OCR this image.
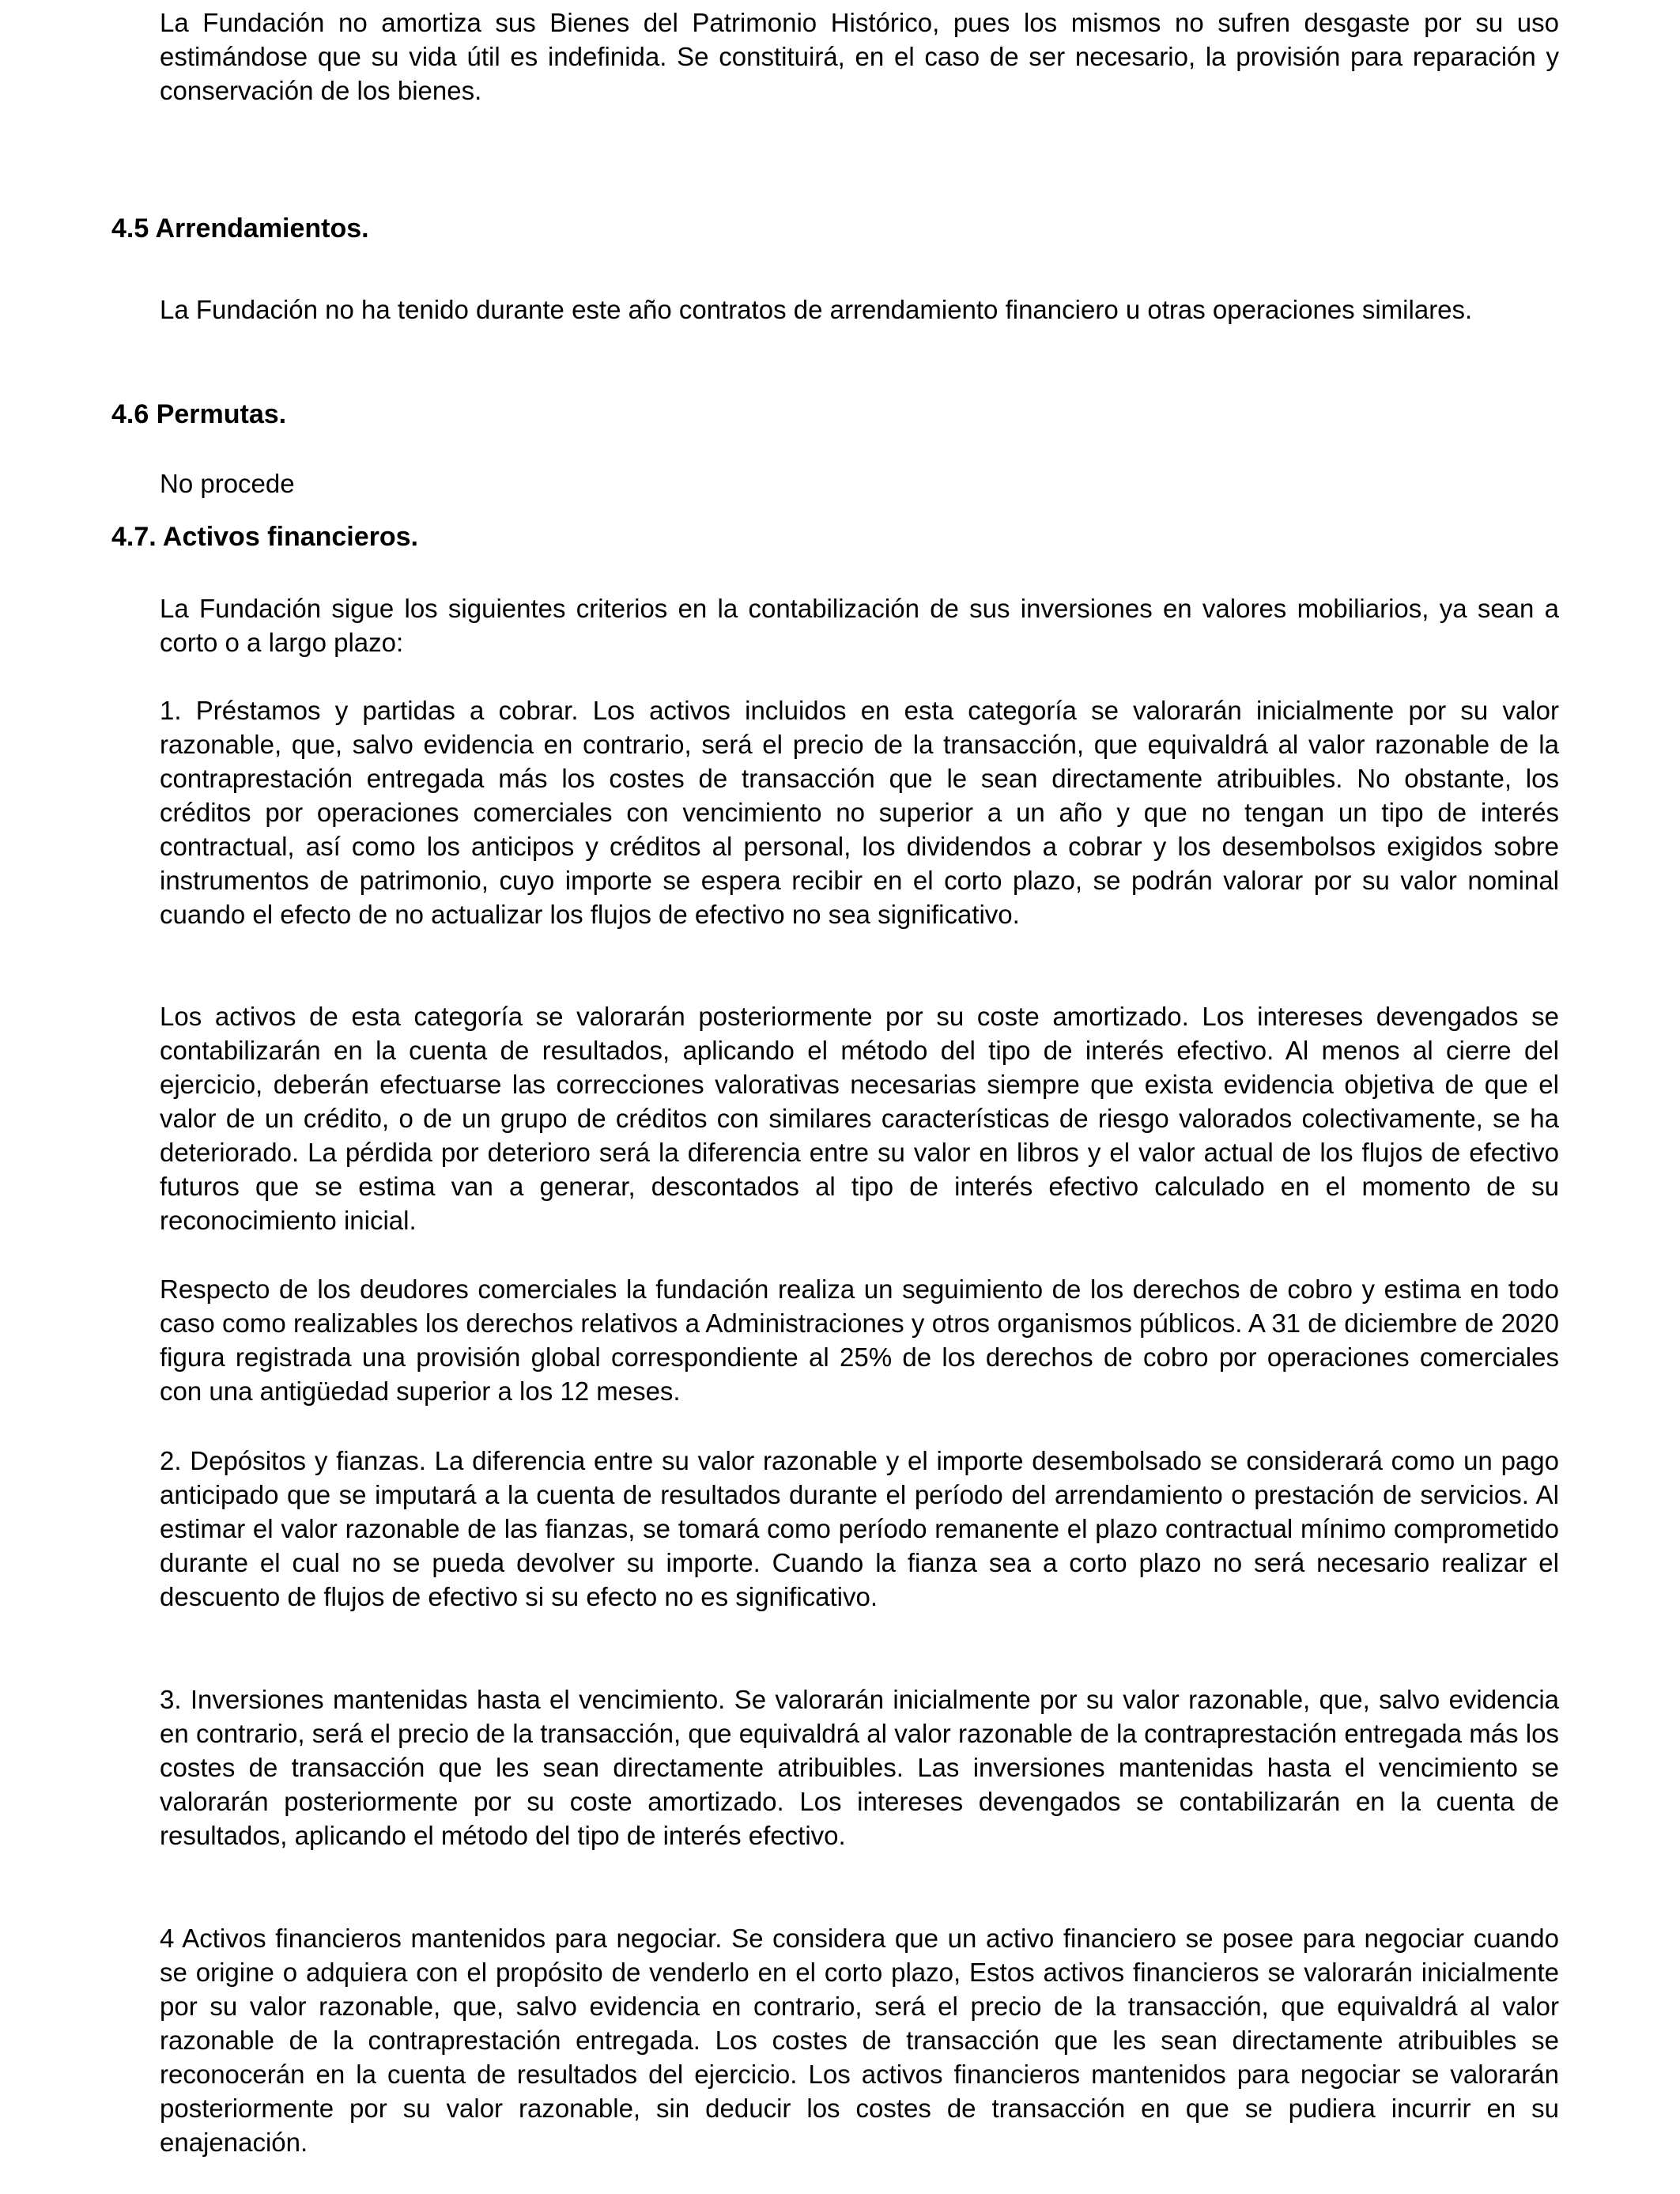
La Fundación no amortiza sus Bienes del Patrimonio Histórico, pues los mismos no sufren desgaste por su uso estimándose que su vida útil es indefinida. Se constituirá, en el caso de ser necesario, la provisión para reparación y conservación de los bienes.

4.5 Arrendamientos.

La Fundación no ha tenido durante este año contratos de arrendamiento financiero u otras operaciones similares.

4.6 Permutas.

No procede

4.7. Activos financieros.

La Fundación sigue los siguientes criterios en la contabilización de sus inversiones en valores mobiliarios, ya sean a corto o a largo plazo:

1. Préstamos y partidas a cobrar. Los activos incluidos en esta categoría se valorarán inicialmente por su valor razonable, que, salvo evidencia en contrario, será el precio de la transacción, que equivaldrá al valor razonable de la contraprestación entregada más los costes de transacción que le sean directamente atribuibles. No obstante, los créditos por operaciones comerciales con vencimiento no superior a un año y que no tengan un tipo de interés contractual, así como los anticipos y créditos al personal, los dividendos a cobrar y los desembolsos exigidos sobre instrumentos de patrimonio, cuyo importe se espera recibir en el corto plazo, se podrán valorar por su valor nominal cuando el efecto de no actualizar los flujos de efectivo no sea significativo.

Los activos de esta categoría se valorarán posteriormente por su coste amortizado. Los intereses devengados se contabilizarán en la cuenta de resultados, aplicando el método del tipo de interés efectivo. Al menos al cierre del ejercicio, deberán efectuarse las correcciones valorativas necesarias siempre que exista evidencia objetiva de que el valor de un crédito, o de un grupo de créditos con similares características de riesgo valorados colectivamente, se ha deteriorado. La pérdida por deterioro será la diferencia entre su valor en libros y el valor actual de los flujos de efectivo futuros que se estima van a generar, descontados al tipo de interés efectivo calculado en el momento de su reconocimiento inicial.

Respecto de los deudores comerciales la fundación realiza un seguimiento de los derechos de cobro y estima en todo caso como realizables los derechos relativos a Administraciones y otros organismos públicos. A 31 de diciembre de 2020 figura registrada una provisión global correspondiente al 25% de los derechos de cobro por operaciones comerciales con una antigüedad superior a los 12 meses.

2. Depósitos y fianzas. La diferencia entre su valor razonable y el importe desembolsado se considerará como un pago anticipado que se imputará a la cuenta de resultados durante el período del arrendamiento o prestación de servicios. Al estimar el valor razonable de las fianzas, se tomará como período remanente el plazo contractual mínimo comprometido durante el cual no se pueda devolver su importe. Cuando la fianza sea a corto plazo no será necesario realizar el descuento de flujos de efectivo si su efecto no es significativo.

3. Inversiones mantenidas hasta el vencimiento. Se valorarán inicialmente por su valor razonable, que, salvo evidencia en contrario, será el precio de la transacción, que equivaldrá al valor razonable de la contraprestación entregada más los costes de transacción que les sean directamente atribuibles. Las inversiones mantenidas hasta el vencimiento se valorarán posteriormente por su coste amortizado. Los intereses devengados se contabilizarán en la cuenta de resultados, aplicando el método del tipo de interés efectivo.

4 Activos financieros mantenidos para negociar. Se considera que un activo financiero se posee para negociar cuando se origine o adquiera con el propósito de venderlo en el corto plazo, Estos activos financieros se valorarán inicialmente por su valor razonable, que, salvo evidencia en contrario, será el precio de la transacción, que equivaldrá al valor razonable de la contraprestación entregada. Los costes de transacción que les sean directamente atribuibles se reconocerán en la cuenta de resultados del ejercicio. Los activos financieros mantenidos para negociar se valorarán posteriormente por su valor razonable, sin deducir los costes de transacción en que se pudiera incurrir en su enajenación.
